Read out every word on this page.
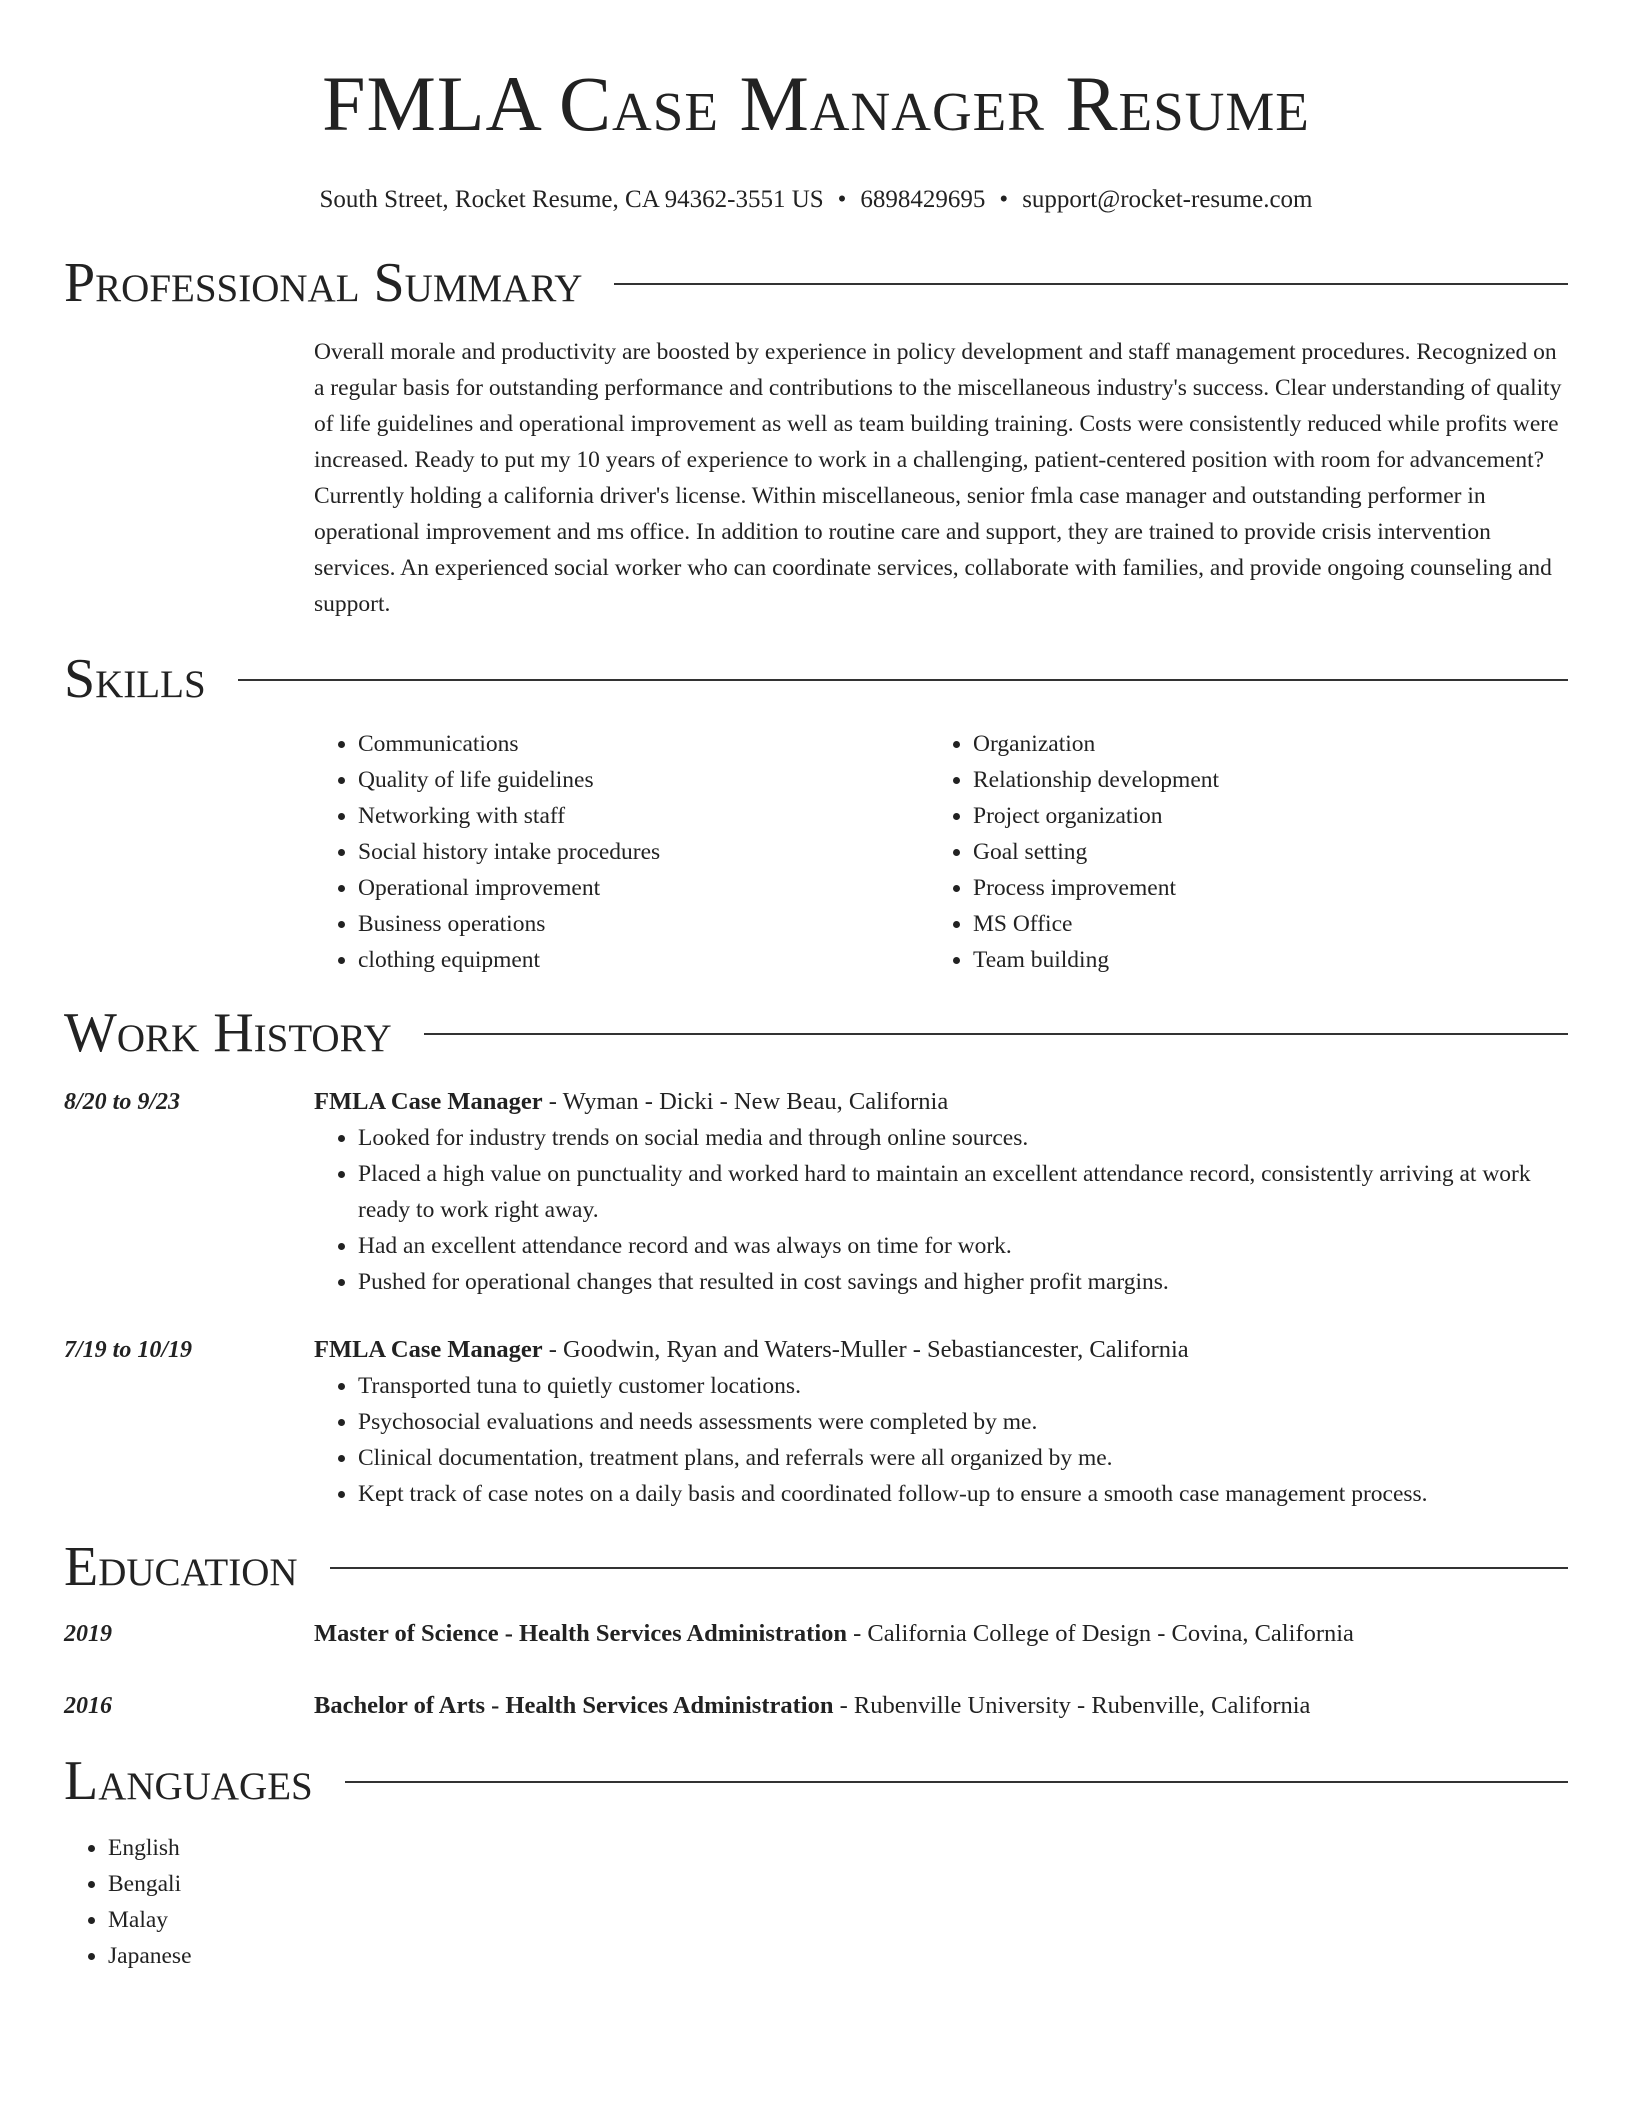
FMLA Case Manager Resume
South Street, Rocket Resume, CA 94362-3551 US • 6898429695 • support@rocket-resume.com
Professional Summary
Overall morale and productivity are boosted by experience in policy development and staff management procedures. Recognized on a regular basis for outstanding performance and contributions to the miscellaneous industry's success. Clear understanding of quality of life guidelines and operational improvement as well as team building training. Costs were consistently reduced while profits were increased. Ready to put my 10 years of experience to work in a challenging, patient-centered position with room for advancement? Currently holding a california driver's license. Within miscellaneous, senior fmla case manager and outstanding performer in operational improvement and ms office. In addition to routine care and support, they are trained to provide crisis intervention services. An experienced social worker who can coordinate services, collaborate with families, and provide ongoing counseling and support.
Skills
• Communications
• Quality of life guidelines
• Networking with staff
• Social history intake procedures
• Operational improvement
• Business operations
• clothing equipment
• Organization
• Relationship development
• Project organization
• Goal setting
• Process improvement
• MS Office
• Team building
Work History
8/20 to 9/23	FMLA Case Manager - Wyman - Dicki - New Beau, California
• Looked for industry trends on social media and through online sources.
• Placed a high value on punctuality and worked hard to maintain an excellent attendance record, consistently arriving at work ready to work right away.
• Had an excellent attendance record and was always on time for work.
• Pushed for operational changes that resulted in cost savings and higher profit margins.
7/19 to 10/19	FMLA Case Manager - Goodwin, Ryan and Waters-Muller - Sebastiancester, California
• Transported tuna to quietly customer locations.
• Psychosocial evaluations and needs assessments were completed by me.
• Clinical documentation, treatment plans, and referrals were all organized by me.
• Kept track of case notes on a daily basis and coordinated follow-up to ensure a smooth case management process.
Education
2019	Master of Science - Health Services Administration - California College of Design - Covina, California
2016	Bachelor of Arts - Health Services Administration - Rubenville University - Rubenville, California
Languages
• English
• Bengali
• Malay
• Japanese
